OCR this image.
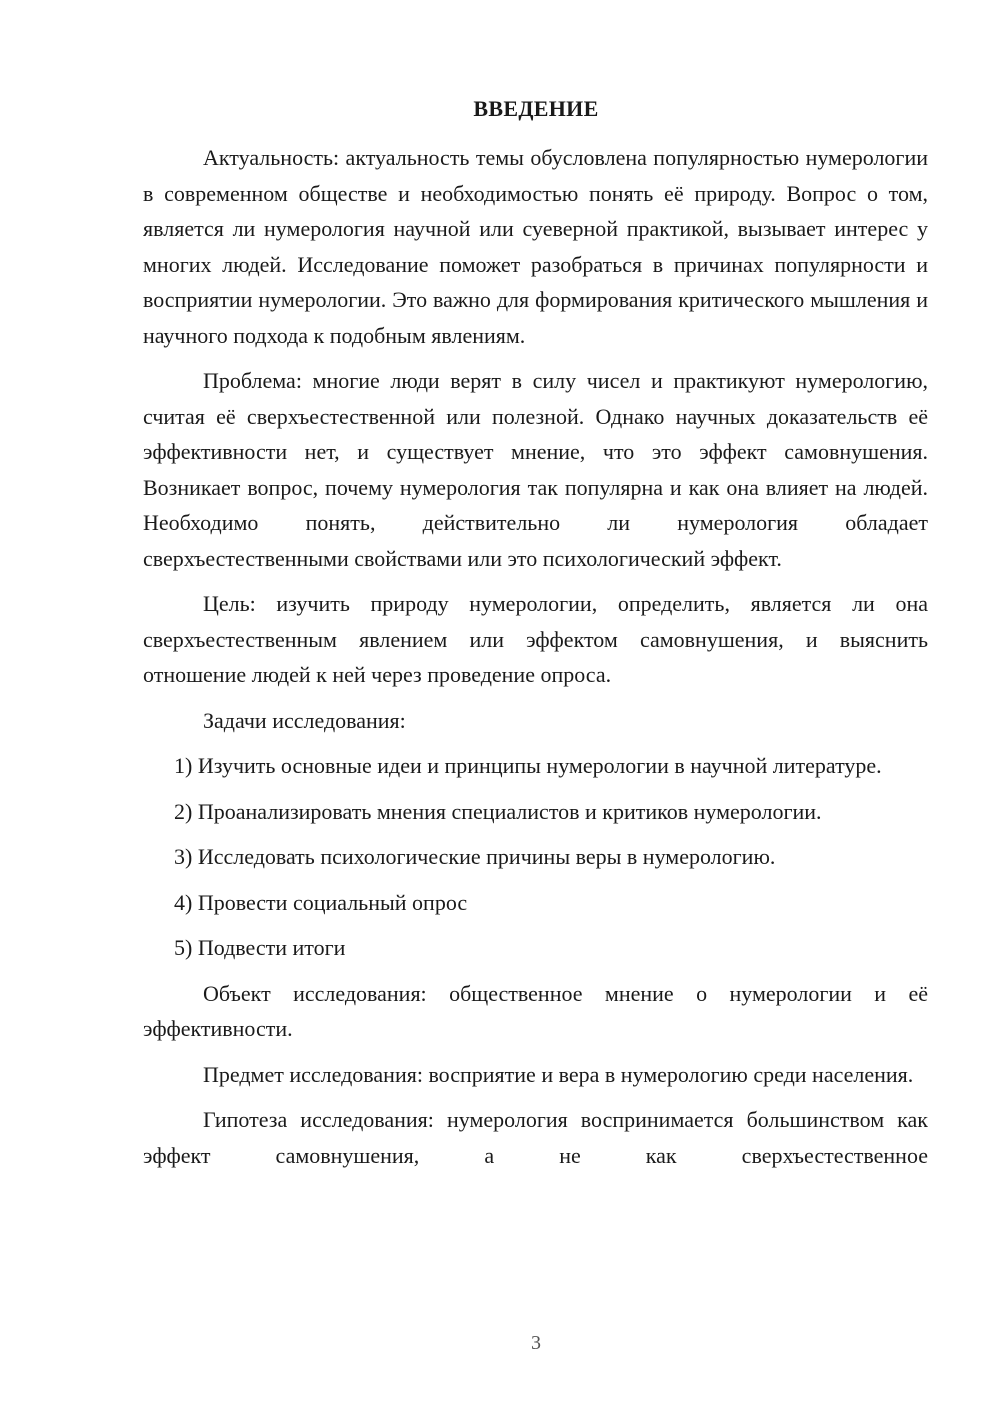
ВВЕДЕНИЕ

Актуальность: актуальность темы обусловлена популярностью нумерологии в современном обществе и необходимостью понять её природу. Вопрос о том, является ли нумерология научной или суеверной практикой, вызывает интерес у многих людей. Исследование поможет разобраться в причинах популярности и восприятии нумерологии. Это важно для формирования критического мышления и научного подхода к подобным явлениям.

Проблема: многие люди верят в силу чисел и практикуют нумерологию, считая её сверхъестественной или полезной. Однако научных доказательств её эффективности нет, и существует мнение, что это эффект самовнушения. Возникает вопрос, почему нумерология так популярна и как она влияет на людей. Необходимо понять, действительно ли нумерология обладает сверхъестественными свойствами или это психологический эффект.

Цель: изучить природу нумерологии, определить, является ли она сверхъестественным явлением или эффектом самовнушения, и выяснить отношение людей к ней через проведение опроса.

Задачи исследования:

1) Изучить основные идеи и принципы нумерологии в научной литературе.

2) Проанализировать мнения специалистов и критиков нумерологии.

3) Исследовать психологические причины веры в нумерологию.

4) Провести социальный опрос

5) Подвести итоги

Объект исследования: общественное мнение о нумерологии и её эффективности.

Предмет исследования: восприятие и вера в нумерологию среди населения.

Гипотеза исследования: нумерология воспринимается большинством как эффект самовнушения, а не как сверхъестественное

3
